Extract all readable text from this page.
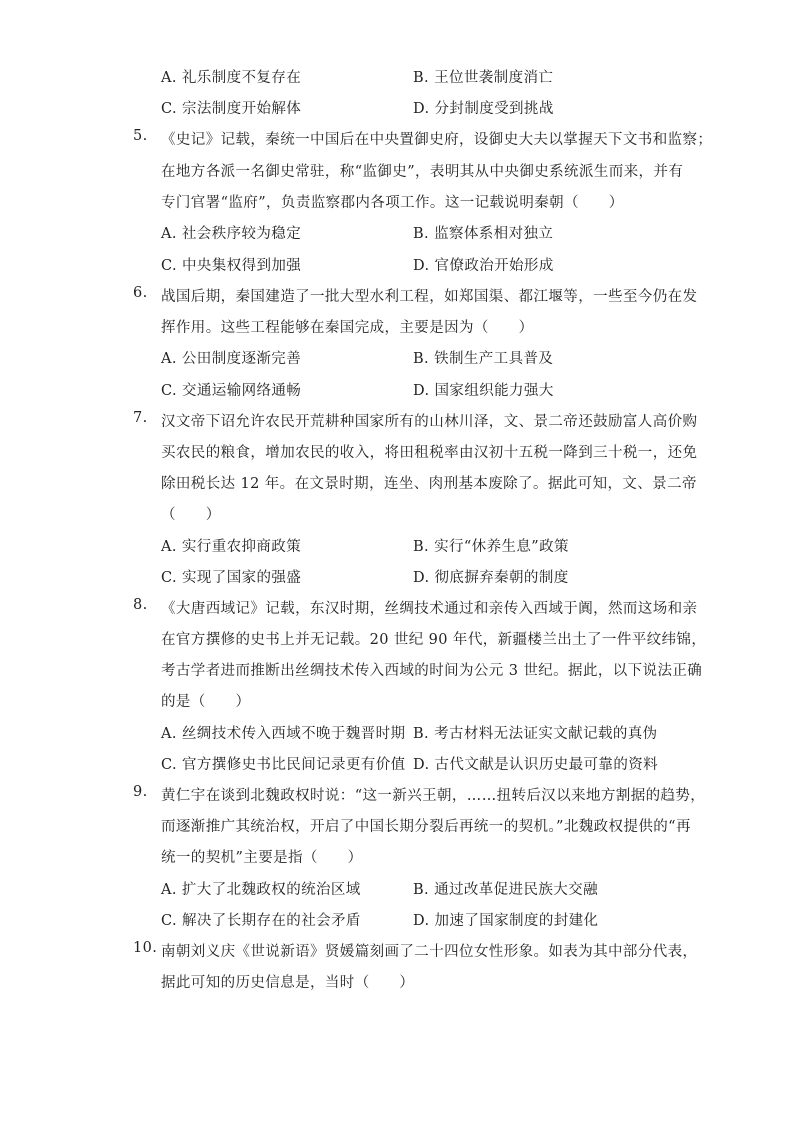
A. 礼乐制度不复存在	B. 王位世袭制度消亡
C. 宗法制度开始解体	D. 分封制度受到挑战
5. 《史记》记载，秦统一中国后在中央置御史府，设御史大夫以掌握天下文书和监察；
在地方各派一名御史常驻，称“监御史”，表明其从中央御史系统派生而来，并有
专门官署“监府”，负责监察郡内各项工作。这一记载说明秦朝（　　）
A. 社会秩序较为稳定	B. 监察体系相对独立
C. 中央集权得到加强	D. 官僚政治开始形成
6. 战国后期，秦国建造了一批大型水利工程，如郑国渠、都江堰等，一些至今仍在发
挥作用。这些工程能够在秦国完成，主要是因为（　　）
A. 公田制度逐渐完善	B. 铁制生产工具普及
C. 交通运输网络通畅	D. 国家组织能力强大
7. 汉文帝下诏允许农民开荒耕种国家所有的山林川泽，文、景二帝还鼓励富人高价购
买农民的粮食，增加农民的收入，将田租税率由汉初十五税一降到三十税一，还免
除田税长达 12 年。在文景时期，连坐、肉刑基本废除了。据此可知，文、景二帝
（　　）
A. 实行重农抑商政策	B. 实行“休养生息”政策
C. 实现了国家的强盛	D. 彻底摒弃秦朝的制度
8. 《大唐西域记》记载，东汉时期，丝绸技术通过和亲传入西域于阗，然而这场和亲
在官方撰修的史书上并无记载。20 世纪 90 年代，新疆楼兰出土了一件平纹纬锦，
考古学者进而推断出丝绸技术传入西域的时间为公元 3 世纪。据此，以下说法正确
的是（　　）
A. 丝绸技术传入西域不晚于魏晋时期 B. 考古材料无法证实文献记载的真伪
C. 官方撰修史书比民间记录更有价值 D. 古代文献是认识历史最可靠的资料
9. 黄仁宇在谈到北魏政权时说：“这一新兴王朝，……扭转后汉以来地方割据的趋势，
而逐渐推广其统治权，开启了中国长期分裂后再统一的契机。”北魏政权提供的“再
统一的契机”主要是指（　　）
A. 扩大了北魏政权的统治区域	B. 通过改革促进民族大交融
C. 解决了长期存在的社会矛盾	D. 加速了国家制度的封建化
10. 南朝刘义庆《世说新语》贤媛篇刻画了二十四位女性形象。如表为其中部分代表，
据此可知的历史信息是，当时（　　）
